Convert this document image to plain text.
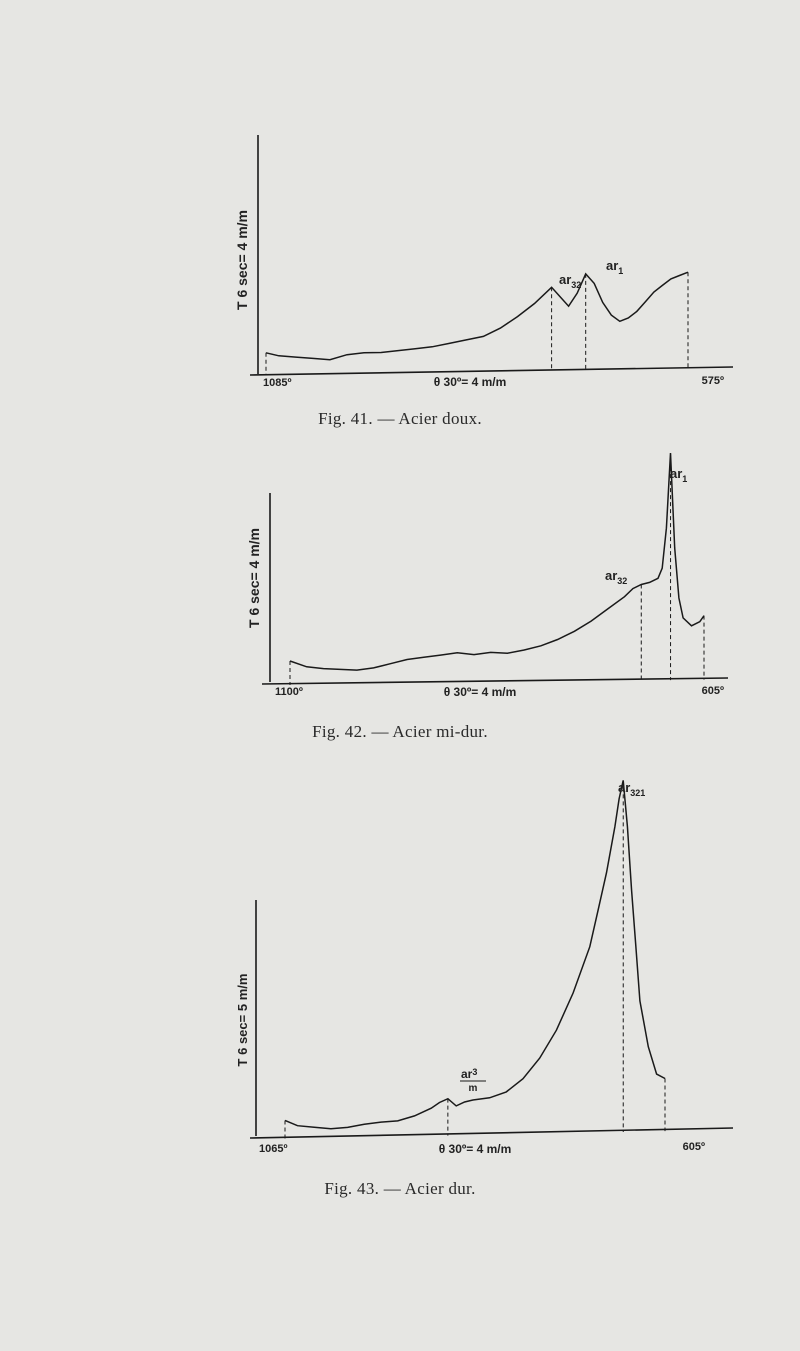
T 6 sec= 4 m/m
1085º	θ 30º= 4 m/m	575º
$ar_{32}$
$ar_1$
T 6 sec= 4 m/m
1100º	θ 30º= 4 m/m	605º
$ar_{32}$
$ar_1$
T 6 sec= 5 m/m
1065º	θ 30º= 4 m/m	605º
$ar^3$
m
$ar_{321}$
Fig. 41. — Acier doux.
Fig. 42. — Acier mi-dur.
Fig. 43. — Acier dur.
